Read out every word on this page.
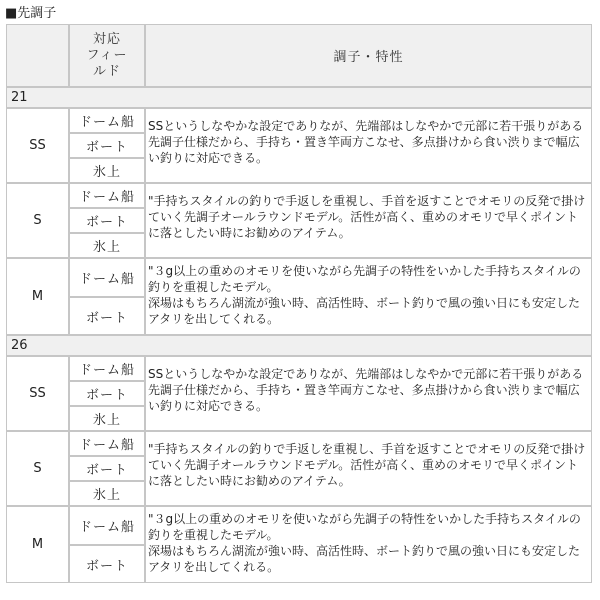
■先調子
対応
フィー
ルド
調子・特性
21
SS
ドーム船
ボート
氷上

SSというしなやかな設定でありなが、先端部はしなやかで元部に若干張りがある先調子仕様だから、手持ち・置き竿両方こなせ、多点掛けから食い渋りまで幅広い釣りに対応できる。

S
ドーム船
ボート
氷上

"手持ちスタイルの釣りで手返しを重視し、手首を返すことでオモリの反発で掛けていく先調子オールラウンドモデル。活性が高く、重めのオモリで早くポイントに落としたい時にお勧めのアイテム。

M
ドーム船
ボート

"３g以上の重めのオモリを使いながら先調子の特性をいかした手持ちスタイルの釣りを重視したモデル。

深場はもちろん湖流が強い時、高活性時、ボート釣りで風の強い日にも安定したアタリを出してくれる。

26
SS
ドーム船
ボート
氷上

SSというしなやかな設定でありなが、先端部はしなやかで元部に若干張りがある先調子仕様だから、手持ち・置き竿両方こなせ、多点掛けから食い渋りまで幅広い釣りに対応できる。

S
ドーム船
ボート
氷上

"手持ちスタイルの釣りで手返しを重視し、手首を返すことでオモリの反発で掛けていく先調子オールラウンドモデル。活性が高く、重めのオモリで早くポイントに落としたい時にお勧めのアイテム。

M
ドーム船
ボート

"３g以上の重めのオモリを使いながら先調子の特性をいかした手持ちスタイルの釣りを重視したモデル。

深場はもちろん湖流が強い時、高活性時、ボート釣りで風の強い日にも安定したアタリを出してくれる。
